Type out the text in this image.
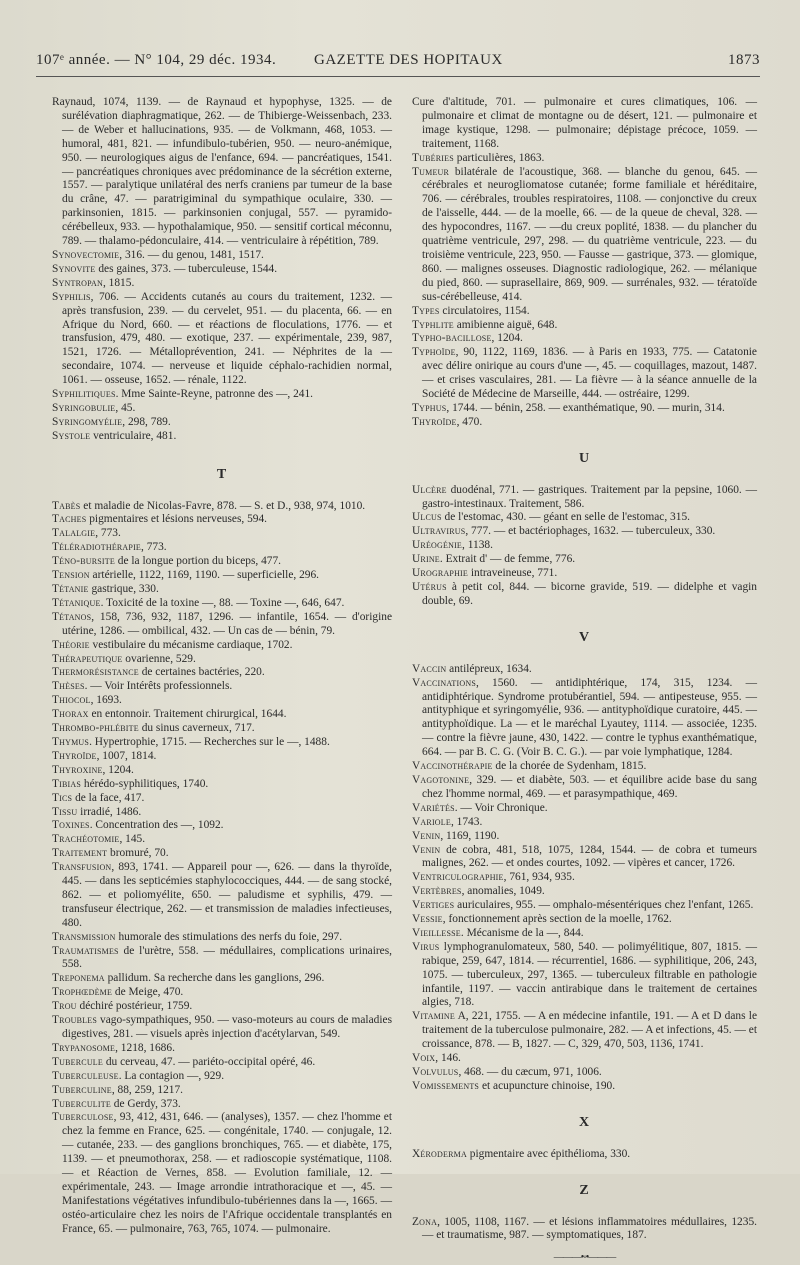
107ᵉ année. — N° 104, 29 déc. 1934.	GAZETTE DES HOPITAUX	1873
Raynaud, 1074, 1139. — de Raynaud et hypophyse, 1325. — de surélévation diaphragmatique, 262. — de Thibierge-Weissenbach, 233. — de Weber et hallucinations, 935. — de Volkmann, 468, 1053. — humoral, 481, 821. — infundibulo-tubérien, 950. — neuro-anémique, 950. — neurologiques aigus de l'enfance, 694. — pancréatiques, 1541. — pancréatiques chroniques avec prédominance de la sécrétion externe, 1557. — paralytique unilatéral des nerfs craniens par tumeur de la base du crâne, 47. — paratrigiminal du sympathique oculaire, 330. — parkinsonien, 1815. — parkinsonien conjugal, 557. — pyramido-cérébelleux, 933. — hypothalamique, 950. — sensitif cortical méconnu, 789. — thalamo-pédonculaire, 414. — ventriculaire à répétition, 789.
Synovectomie, 316. — du genou, 1481, 1517.
Synovite des gaines, 373. — tuberculeuse, 1544.
Syntropan, 1815.
Syphilis, 706. — Accidents cutanés au cours du traitement, 1232. — après transfusion, 239. — du cervelet, 951. — du placenta, 66. — en Afrique du Nord, 660. — et réactions de floculations, 1776. — et transfusion, 479, 480. — exotique, 237. — expérimentale, 239, 987, 1521, 1726. — Métalloprévention, 241. — Néphrites de la — secondaire, 1074. — nerveuse et liquide céphalo-rachidien normal, 1061. — osseuse, 1652. — rénale, 1122.
Syphilitiques. Mme Sainte-Reyne, patronne des —, 241.
Syringobulie, 45.
Syringomyélie, 298, 789.
Systole ventriculaire, 481.
T
Tabès et maladie de Nicolas-Favre, 878. — S. et D., 938, 974, 1010.
Taches pigmentaires et lésions nerveuses, 594.
Talalgie, 773.
Téléradiothérapie, 773.
Téno-bursite de la longue portion du biceps, 477.
Tension artérielle, 1122, 1169, 1190. — superficielle, 296.
Tétanie gastrique, 330.
Tétanique. Toxicité de la toxine —, 88. — Toxine —, 646, 647.
Tétanos, 158, 736, 932, 1187, 1296. — infantile, 1654. — d'origine utérine, 1286. — ombilical, 432. — Un cas de — bénin, 79.
Théorie vestibulaire du mécanisme cardiaque, 1702.
Thérapeutique ovarienne, 529.
Thermorésistance de certaines bactéries, 220.
Thèses. — Voir Intérêts professionnels.
Thiocol, 1693.
Thorax en entonnoir. Traitement chirurgical, 1644.
Thrombo-phlébite du sinus caverneux, 717.
Thymus. Hypertrophie, 1715. — Recherches sur le —, 1488.
Thyroïde, 1007, 1814.
Thyroxine, 1204.
Tibias hérédo-syphilitiques, 1740.
Tics de la face, 417.
Tissu irradié, 1486.
Toxines. Concentration des —, 1092.
Trachéotomie, 145.
Traitement bromuré, 70.
Transfusion, 893, 1741. — Appareil pour —, 626. — dans la thyroïde, 445. — dans les septicémies staphylococciques, 444. — de sang stocké, 862. — et poliomyélite, 650. — paludisme et syphilis, 479. — transfuseur électrique, 262. — et transmission de maladies infectieuses, 480.
Transmission humorale des stimulations des nerfs du foie, 297.
Traumatismes de l'urètre, 558. — médullaires, complications urinaires, 558.
Treponema pallidum. Sa recherche dans les ganglions, 296.
Trophœdème de Meige, 470.
Trou déchiré postérieur, 1759.
Troubles vago-sympathiques, 950. — vaso-moteurs au cours de maladies digestives, 281. — visuels après injection d'acétylarvan, 549.
Trypanosome, 1218, 1686.
Tubercule du cerveau, 47. — pariéto-occipital opéré, 46.
Tuberculeuse. La contagion —, 929.
Tuberculine, 88, 259, 1217.
Tuberculite de Gerdy, 373.
Tuberculose, 93, 412, 431, 646. — (analyses), 1357. — chez l'homme et chez la femme en France, 625. — congénitale, 1740. — conjugale, 12. — cutanée, 233. — des ganglions bronchiques, 765. — et diabète, 175, 1139. — et pneumothorax, 258. — et radioscopie systématique, 1108. — et Réaction de Vernes, 858. — Evolution familiale, 12. — expérimentale, 243. — Image arrondie intrathoracique et —, 45. — Manifestations végétatives infundibulo-tubériennes dans la —, 1665. — ostéo-articulaire chez les noirs de l'Afrique occidentale transplantés en France, 65. — pulmonaire, 763, 765, 1074. — pulmonaire.
Cure d'altitude, 701. — pulmonaire et cures climatiques, 106. — pulmonaire et climat de montagne ou de désert, 121. — pulmonaire et image kystique, 1298. — pulmonaire; dépistage précoce, 1059. — traitement, 1168.
Tubéries particulières, 1863.
Tumeur bilatérale de l'acoustique, 368. — blanche du genou, 645. — cérébrales et neurogliomatose cutanée; forme familiale et héréditaire, 706. — cérébrales, troubles respiratoires, 1108. — conjonctive du creux de l'aisselle, 444. — de la moelle, 66. — de la queue de cheval, 328. — des hypocondres, 1167. — —du creux poplité, 1838. — du plancher du quatrième ventricule, 297, 298. — du quatrième ventricule, 223. — du troisième ventricule, 223, 950. — Fausse — gastrique, 373. — glomique, 860. — malignes osseuses. Diagnostic radiologique, 262. — mélanique du pied, 860. — suprasellaire, 869, 909. — surrénales, 932. — tératoïde sus-cérébelleuse, 414.
Types circulatoires, 1154.
Typhlite amibienne aiguë, 648.
Typho-bacillose, 1204.
Typhoïde, 90, 1122, 1169, 1836. — à Paris en 1933, 775. — Catatonie avec délire onirique au cours d'une —, 45. — coquillages, mazout, 1487. — et crises vasculaires, 281. — La fièvre — à la séance annuelle de la Société de Médecine de Marseille, 444. — ostréaire, 1299.
Typhus, 1744. — bénin, 258. — exanthématique, 90. — murin, 314.
Thyroïde, 470.
U
Ulcère duodénal, 771. — gastriques. Traitement par la pepsine, 1060. — gastro-intestinaux. Traitement, 586.
Ulcus de l'estomac, 430. — géant en selle de l'estomac, 315.
Ultravirus, 777. — et bactériophages, 1632. — tuberculeux, 330.
Uréogénie, 1138.
Urine. Extrait d' — de femme, 776.
Urographie intraveineuse, 771.
Utérus à petit col, 844. — bicorne gravide, 519. — didelphe et vagin double, 69.
V
Vaccin antilépreux, 1634.
Vaccinations, 1560. — antidiphtérique, 174, 315, 1234. — antidiphtérique. Syndrome protubérantiel, 594. — antipesteuse, 955. — antityphique et syringomyélie, 936. — antityphoïdique curatoire, 445. — antityphoïdique. La — et le maréchal Lyautey, 1114. — associée, 1235. — contre la fièvre jaune, 430, 1422. — contre le typhus exanthématique, 664. — par B. C. G. (Voir B. C. G.). — par voie lymphatique, 1284.
Vaccinothérapie de la chorée de Sydenham, 1815.
Vagotonine, 329. — et diabète, 503. — et équilibre acide base du sang chez l'homme normal, 469. — et parasympathique, 469.
Variétés. — Voir Chronique.
Variole, 1743.
Venin, 1169, 1190.
Venin de cobra, 481, 518, 1075, 1284, 1544. — de cobra et tumeurs malignes, 262. — et ondes courtes, 1092. — vipères et cancer, 1726.
Ventriculographie, 761, 934, 935.
Vertèbres, anomalies, 1049.
Vertiges auriculaires, 955. — omphalo-mésentériques chez l'enfant, 1265.
Vessie, fonctionnement après section de la moelle, 1762.
Vieillesse. Mécanisme de la —, 844.
Virus lymphogranulomateux, 580, 540. — polimyélitique, 807, 1815. — rabique, 259, 647, 1814. — récurrentiel, 1686. — syphilitique, 206, 243, 1075. — tuberculeux, 297, 1365. — tuberculeux filtrable en pathologie infantile, 1197. — vaccin antirabique dans le traitement de certaines algies, 718.
Vitamine A, 221, 1755. — A en médecine infantile, 191. — A et D dans le traitement de la tuberculose pulmonaire, 282. — A et infections, 45. — et croissance, 878. — B, 1827. — C, 329, 470, 503, 1136, 1741.
Voix, 146.
Volvulus, 468. — du cæcum, 971, 1006.
Vomissements et acupuncture chinoise, 190.
X
Xéroderma pigmentaire avec épithélioma, 330.
Z
Zona, 1005, 1108, 1167. — et lésions inflammatoires médullaires, 1235. — et traumatisme, 987. — symptomatiques, 187.
———•◦•———
